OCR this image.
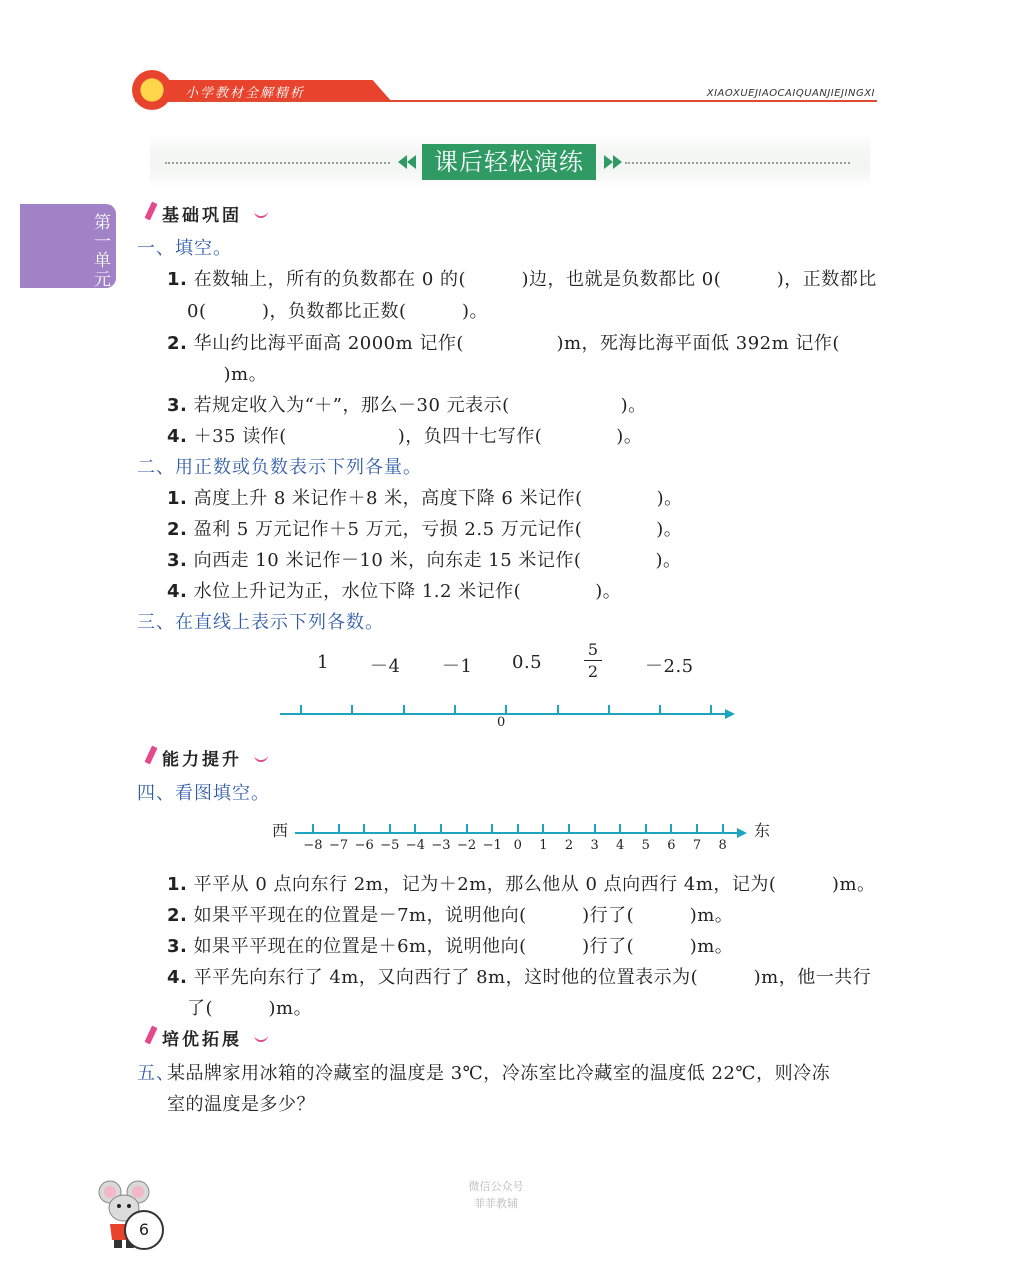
小学教材全解精析	XIAOXUEJIAOCAIQUANJIEJINGXI
课后轻松演练
第
一
单
元
基础巩固
一、填空。
1. 在数轴上，所有的负数都在 0 的(　　　)边，也就是负数都比 0(　　　)，正数都比
0(　　　)，负数都比正数(　　　)。
2. 华山约比海平面高 2000m 记作(　　　　　)m，死海比海平面低 392m 记作(
　)m。
3. 若规定收入为“＋”，那么－30 元表示(　　　　　　)。
4. ＋35 读作(　　　　　　)，负四十七写作(　　　　)。
二、用正数或负数表示下列各量。
1. 高度上升 8 米记作＋8 米，高度下降 6 米记作(　　　　)。
2. 盈利 5 万元记作＋5 万元，亏损 2.5 万元记作(　　　　)。
3. 向西走 10 米记作－10 米，向东走 15 米记作(　　　　)。
4. 水位上升记为正，水位下降 1.2 米记作(　　　　)。
三、在直线上表示下列各数。
1 －4 －1 0.5
5
2	－2.5
0
能力提升
四、看图填空。
西	东
−8 −7 −6 −5 −4 −3 −2 −1 0	1	2	3	4	5	6	7	8
1. 平平从 0 点向东行 2m，记为＋2m，那么他从 0 点向西行 4m，记为(　　　)m。
2. 如果平平现在的位置是－7m，说明他向(　　　)行了(　　　)m。
3. 如果平平现在的位置是＋6m，说明他向(　　　)行了(　　　)m。
4. 平平先向东行了 4m，又向西行了 8m，这时他的位置表示为(　　　)m，他一共行
了(　　　)m。
培优拓展
五、
某品牌家用冰箱的冷藏室的温度是 3℃，冷冻室比冷藏室的温度低 22℃，则冷冻
室的温度是多少？
微信公众号
菲菲教辅
6
